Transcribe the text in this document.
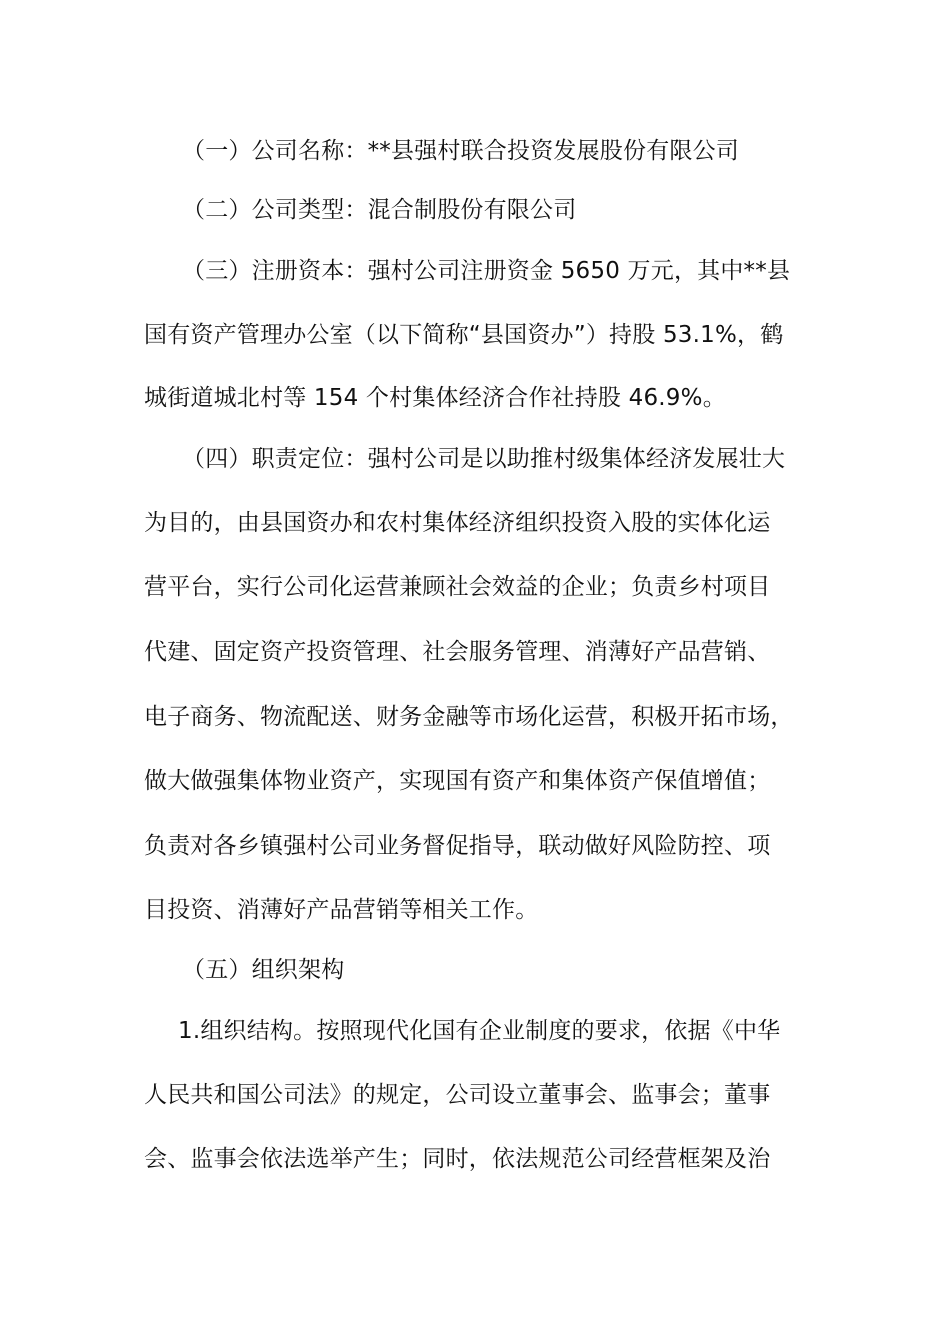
（一）公司名称：**县强村联合投资发展股份有限公司
（二）公司类型：混合制股份有限公司
（三）注册资本：强村公司注册资金 5650 万元，其中**县
国有资产管理办公室（以下简称“县国资办”）持股 53.1%，鹤
城街道城北村等 154 个村集体经济合作社持股 46.9%。
（四）职责定位：强村公司是以助推村级集体经济发展壮大
为目的，由县国资办和农村集体经济组织投资入股的实体化运
营平台，实行公司化运营兼顾社会效益的企业；负责乡村项目
代建、固定资产投资管理、社会服务管理、消薄好产品营销、
电子商务、物流配送、财务金融等市场化运营，积极开拓市场，
做大做强集体物业资产，实现国有资产和集体资产保值增值；
负责对各乡镇强村公司业务督促指导，联动做好风险防控、项
目投资、消薄好产品营销等相关工作。
（五）组织架构
1.组织结构。按照现代化国有企业制度的要求，依据《中华
人民共和国公司法》的规定，公司设立董事会、监事会；董事
会、监事会依法选举产生；同时，依法规范公司经营框架及治
